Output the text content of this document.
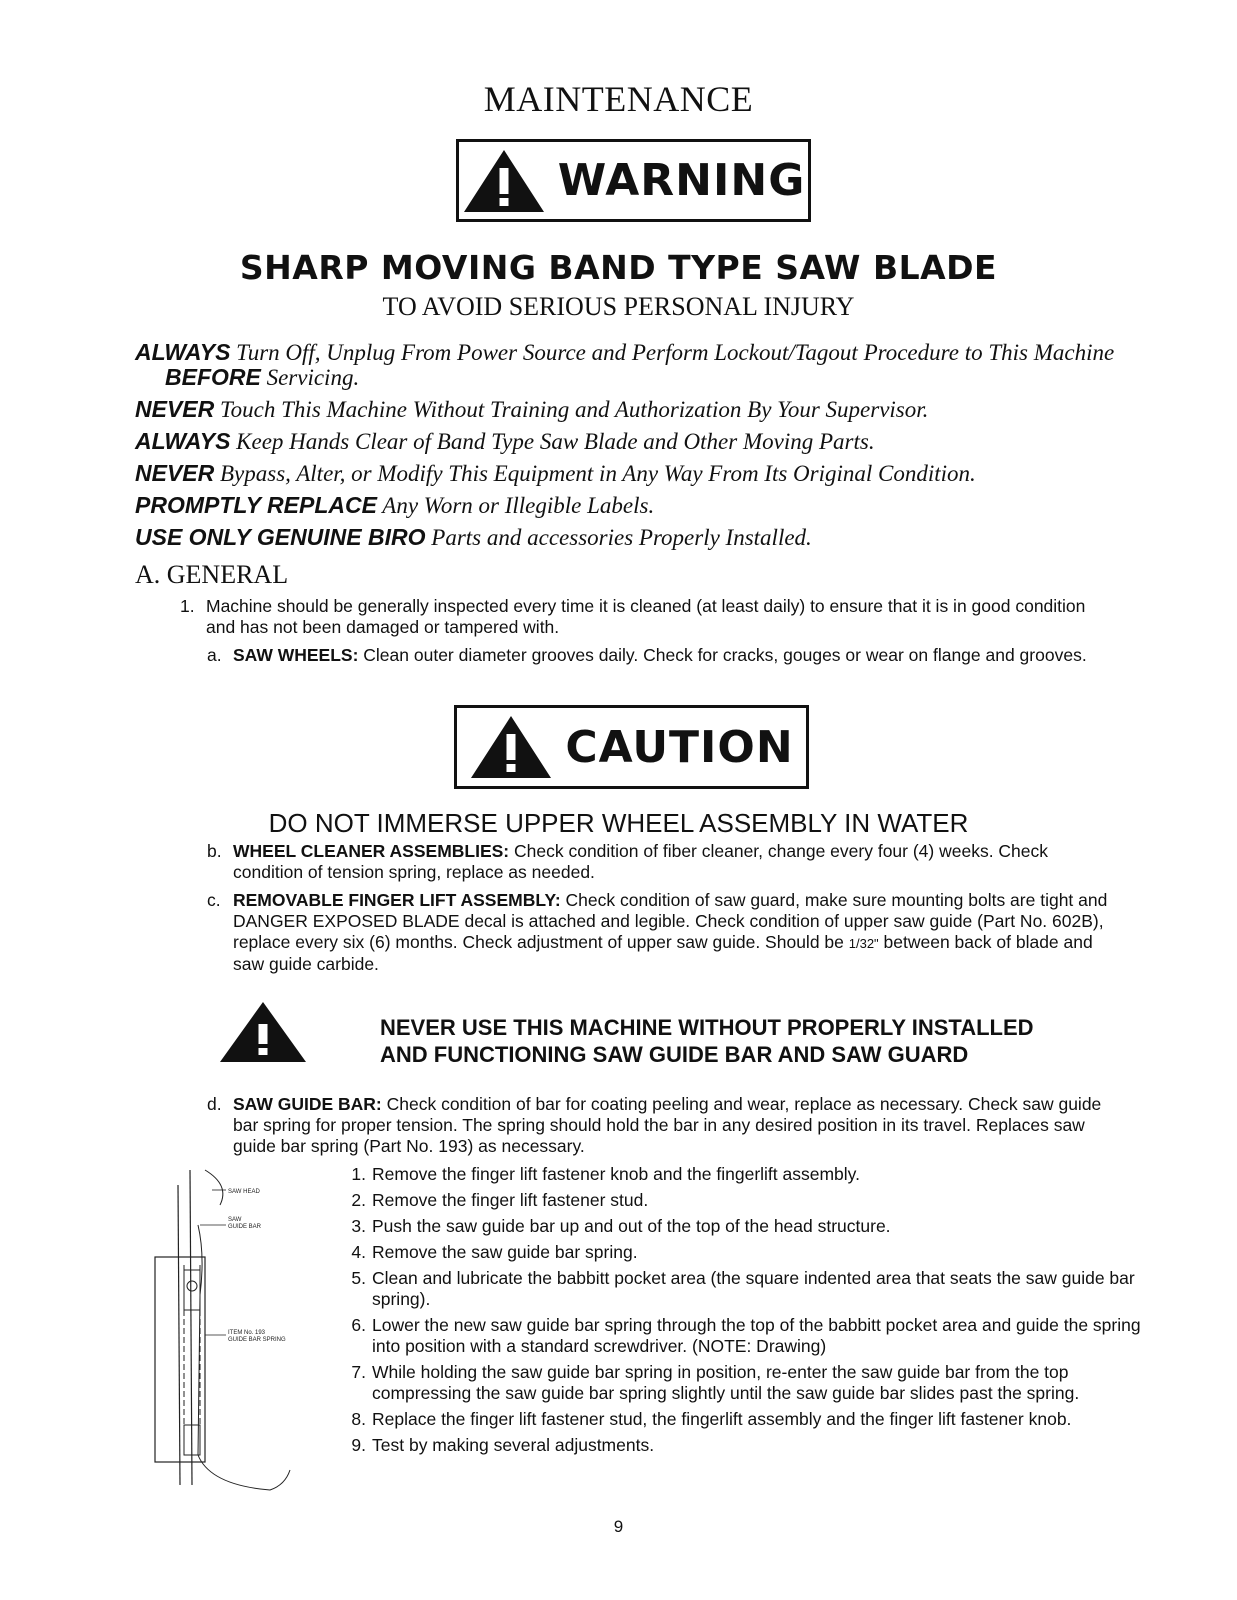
MAINTENANCE
WARNING
SHARP MOVING BAND TYPE SAW BLADE
TO AVOID SERIOUS PERSONAL INJURY
ALWAYS Turn Off, Unplug From Power Source and Perform Lockout/Tagout Procedure to This Machine BEFORE Servicing.
NEVER Touch This Machine Without Training and Authorization By Your Supervisor.
ALWAYS Keep Hands Clear of Band Type Saw Blade and Other Moving Parts.
NEVER Bypass, Alter, or Modify This Equipment in Any Way From Its Original Condition.
PROMPTLY REPLACE Any Worn or Illegible Labels.
USE ONLY GENUINE BIRO Parts and accessories Properly Installed.
A. GENERAL
1. Machine should be generally inspected every time it is cleaned (at least daily) to ensure that it is in good condition and has not been damaged or tampered with.
a. SAW WHEELS: Clean outer diameter grooves daily. Check for cracks, gouges or wear on flange and grooves.
CAUTION
DO NOT IMMERSE UPPER WHEEL ASSEMBLY IN WATER
b. WHEEL CLEANER ASSEMBLIES: Check condition of fiber cleaner, change every four (4) weeks. Check condition of tension spring, replace as needed.
c. REMOVABLE FINGER LIFT ASSEMBLY: Check condition of saw guard, make sure mounting bolts are tight and DANGER EXPOSED BLADE decal is attached and legible. Check condition of upper saw guide (Part No. 602B), replace every six (6) months. Check adjustment of upper saw guide. Should be 1/32" between back of blade and saw guide carbide.
NEVER USE THIS MACHINE WITHOUT PROPERLY INSTALLED
AND FUNCTIONING SAW GUIDE BAR AND SAW GUARD
d. SAW GUIDE BAR: Check condition of bar for coating peeling and wear, replace as necessary. Check saw guide bar spring for proper tension. The spring should hold the bar in any desired position in its travel. Replaces saw guide bar spring (Part No. 193) as necessary.
SAW HEAD
SAW
GUIDE BAR
ITEM No. 193
GUIDE BAR SPRING
1. Remove the finger lift fastener knob and the fingerlift assembly.
2. Remove the finger lift fastener stud.
3. Push the saw guide bar up and out of the top of the head structure.
4. Remove the saw guide bar spring.
5. Clean and lubricate the babbitt pocket area (the square indented area that seats the saw guide bar spring).
6. Lower the new saw guide bar spring through the top of the babbitt pocket area and guide the spring into position with a standard screwdriver. (NOTE: Drawing)
7. While holding the saw guide bar spring in position, re-enter the saw guide bar from the top compressing the saw guide bar spring slightly until the saw guide bar slides past the spring.
8. Replace the finger lift fastener stud, the fingerlift assembly and the finger lift fastener knob.
9. Test by making several adjustments.
9
